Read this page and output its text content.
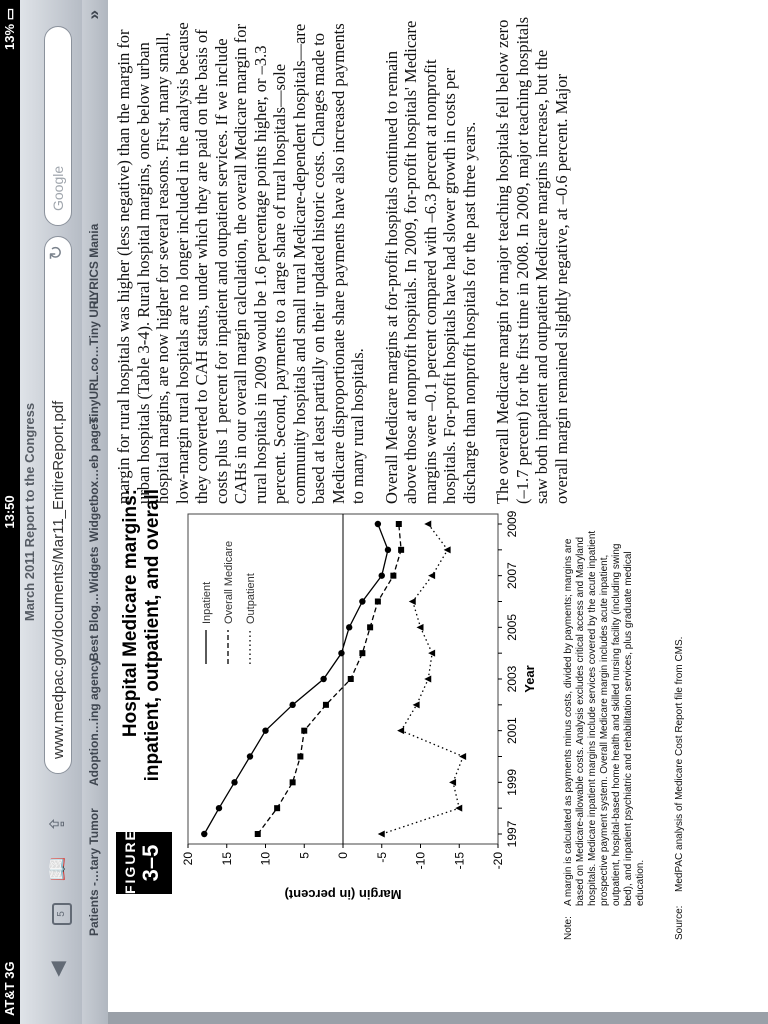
AT&T 3G
13:50
13% ▭
March 2011 Report to the Congress
◀
5
📖
⇪
www.medpac.gov/documents/Mar11_EntireReport.pdf
↻
Google
Patients -…tary Tumor
Adoption…ing agency
Best Blog…Widgets
Widgetbox…eb pages
TinyURL.co…Tiny URL
LYRICS Mania
»
FIGURE 3–5
Hospital Medicare margins: inpatient, outpatient, and overall
20 15 10 5 0 -5 -10 -15 -20
1997
1999
2001
2003
2005
2007
2009
Year
Margin (in percent)
Inpatient Overall Medicare Outpatient
Note:
A margin is calculated as payments minus costs, divided by payments; margins are based on Medicare-allowable costs. Analysis excludes critical access and Maryland hospitals. Medicare inpatient margins include services covered by the acute inpatient prospective payment system. Overall Medicare margin includes acute inpatient, outpatient, hospital-based home health and skilled nursing facility (including swing bed), and inpatient psychiatric and rehabilitation services, plus graduate medical education.
Source:
MedPAC analysis of Medicare Cost Report file from CMS.

margin for rural hospitals was higher (less negative) than the margin for urban hospitals (Table 3-4). Rural hospital margins, once below urban hospital margins, are now higher for several reasons. First, many small, low-margin rural hospitals are no longer included in the analysis because they converted to CAH status, under which they are paid on the basis of costs plus 1 percent for inpatient and outpatient services. If we include CAHs in our overall margin calculation, the overall Medicare margin for rural hospitals in 2009 would be 1.6 percentage points higher, or –3.3 percent. Second, payments to a large share of rural hospitals—sole community hospitals and small rural Medicare-dependent hospitals—are based at least partially on their updated historic costs. Changes made to Medicare disproportionate share payments have also increased payments to many rural hospitals. Overall Medicare margins at for-profit hospitals continued to remain above those at nonprofit hospitals. In 2009, for-profit hospitals' Medicare margins were –0.1 percent compared with –6.3 percent at nonprofit hospitals. For-profit hospitals have had slower growth in costs per discharge than nonprofit hospitals for the past three years. The overall Medicare margin for major teaching hospitals fell below zero (–1.7 percent) for the first time in 2008. In 2009, major teaching hospitals saw both inpatient and outpatient Medicare margins increase, but the overall margin remained slightly negative, at –0.6 percent. Major
